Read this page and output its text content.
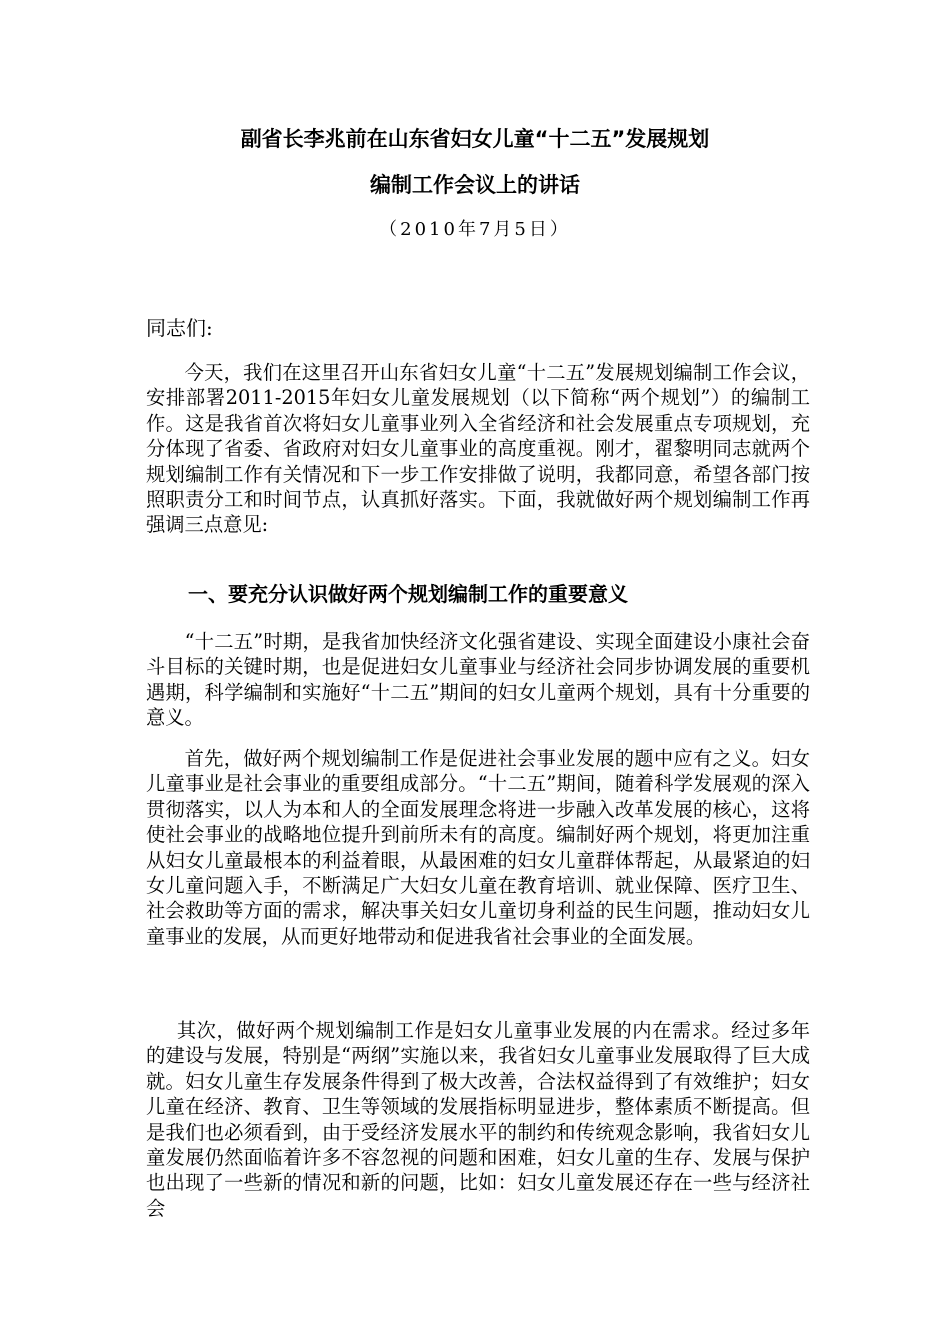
副省长李兆前在山东省妇女儿童“十二五”发展规划
编制工作会议上的讲话
（2010年7月5日）
同志们:

今天，我们在这里召开山东省妇女儿童“十二五”发展规划编制工作会议，安排部署2011-2015年妇女儿童发展规划（以下简称“两个规划”）的编制工作。这是我省首次将妇女儿童事业列入全省经济和社会发展重点专项规划，充分体现了省委、省政府对妇女儿童事业的高度重视。刚才，翟黎明同志就两个规划编制工作有关情况和下一步工作安排做了说明，我都同意，希望各部门按照职责分工和时间节点，认真抓好落实。下面，我就做好两个规划编制工作再强调三点意见:

一、要充分认识做好两个规划编制工作的重要意义

“十二五”时期，是我省加快经济文化强省建设、实现全面建设小康社会奋斗目标的关键时期，也是促进妇女儿童事业与经济社会同步协调发展的重要机遇期，科学编制和实施好“十二五”期间的妇女儿童两个规划，具有十分重要的意义。

首先，做好两个规划编制工作是促进社会事业发展的题中应有之义。妇女儿童事业是社会事业的重要组成部分。“十二五”期间，随着科学发展观的深入贯彻落实，以人为本和人的全面发展理念将进一步融入改革发展的核心，这将使社会事业的战略地位提升到前所未有的高度。编制好两个规划，将更加注重从妇女儿童最根本的利益着眼，从最困难的妇女儿童群体帮起，从最紧迫的妇女儿童问题入手，不断满足广大妇女儿童在教育培训、就业保障、医疗卫生、社会救助等方面的需求，解决事关妇女儿童切身利益的民生问题，推动妇女儿童事业的发展，从而更好地带动和促进我省社会事业的全面发展。

其次，做好两个规划编制工作是妇女儿童事业发展的内在需求。经过多年的建设与发展，特别是“两纲”实施以来，我省妇女儿童事业发展取得了巨大成就。妇女儿童生存发展条件得到了极大改善，合法权益得到了有效维护；妇女儿童在经济、教育、卫生等领域的发展指标明显进步，整体素质不断提高。但是我们也必须看到，由于受经济发展水平的制约和传统观念影响，我省妇女儿童发展仍然面临着许多不容忽视的问题和困难，妇女儿童的生存、发展与保护也出现了一些新的情况和新的问题，比如：妇女儿童发展还存在一些与经济社会
